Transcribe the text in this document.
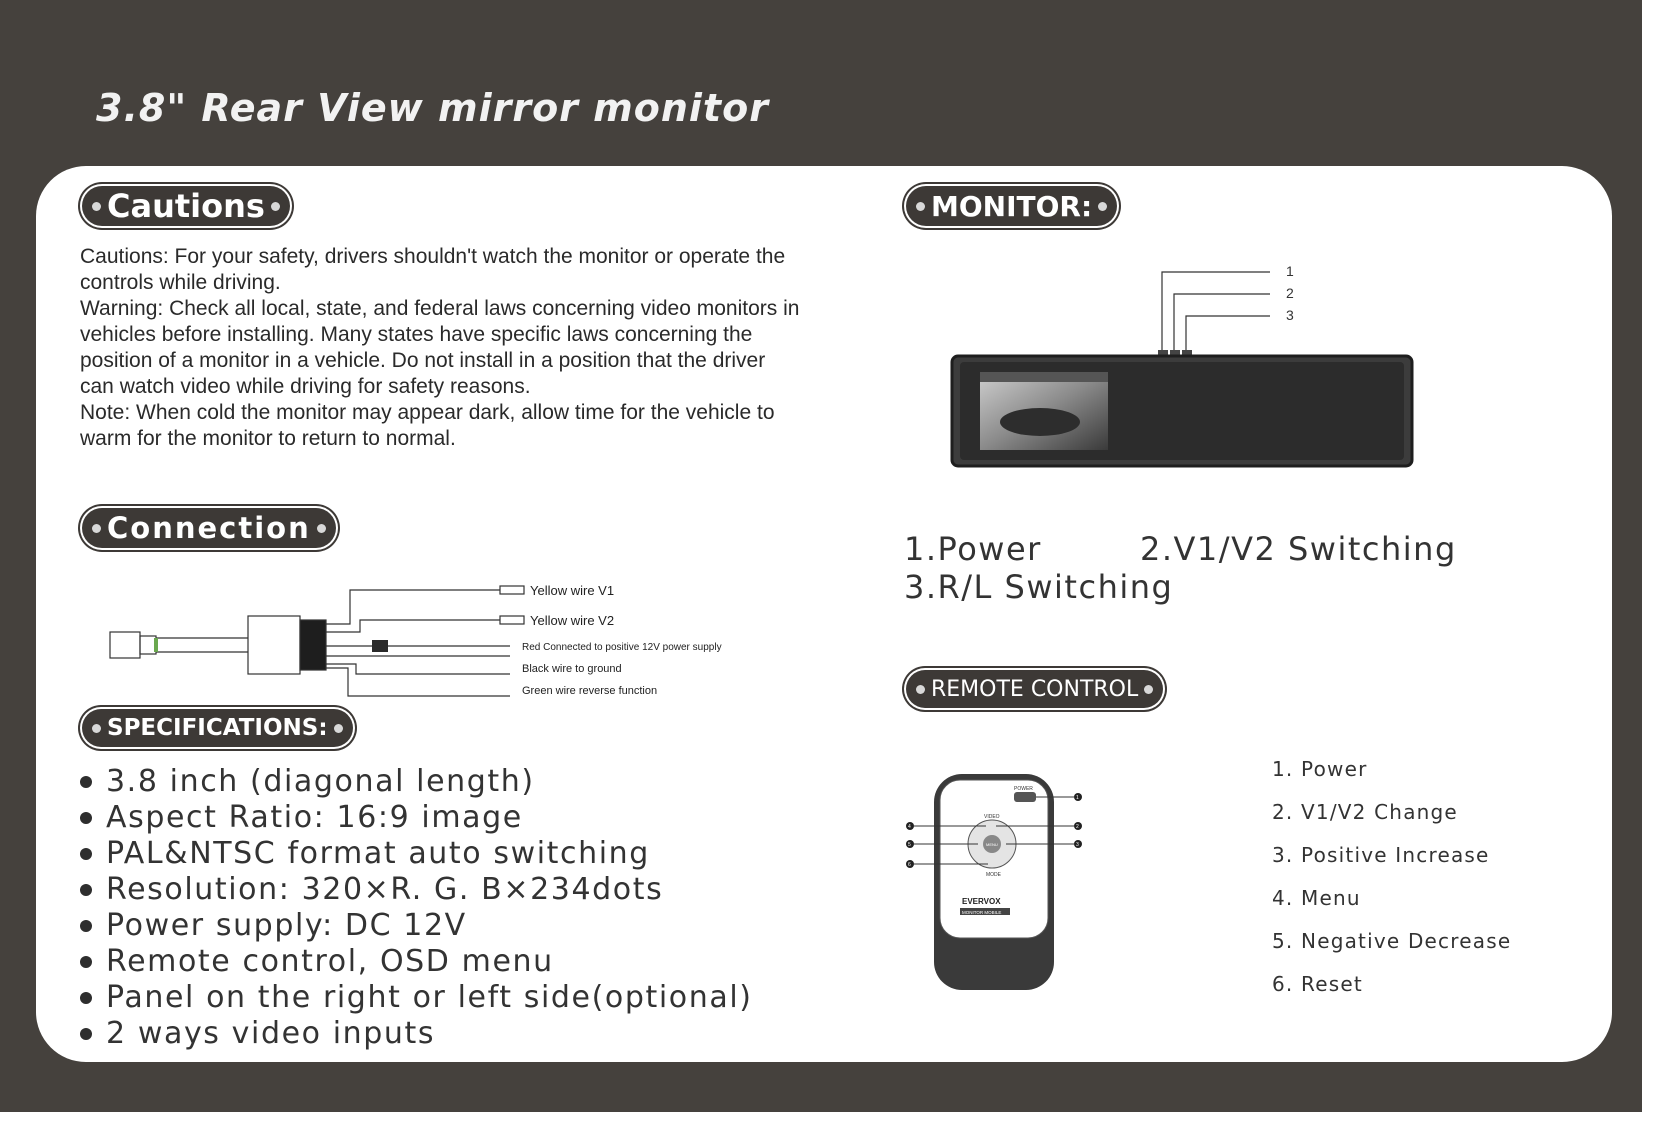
3.8" Rear View mirror monitor
Cautions

Cautions: For your safety, drivers shouldn't watch the monitor or operate the controls while driving.

Warning: Check all local, state, and federal laws concerning video monitors in vehicles before installing. Many states have specific laws concerning the position of a monitor in a vehicle. Do not install in a position that the driver can watch video while driving for safety reasons.

Note: When cold the monitor may appear dark, allow time for the vehicle to warm for the monitor to return to normal.

Connection
Yellow wire V1
Yellow wire V2
Red Connected to positive 12V power supply
Black wire to ground
Green wire reverse function
SPECIFICATIONS:
3.8 inch (diagonal length)
Aspect Ratio: 16:9 image
PAL&NTSC format auto switching
Resolution: 320×R. G. B×234dots
Power supply: DC 12V
Remote control, OSD menu
Panel on the right or left side(optional)
2 ways video inputs
MONITOR:
1
2
3
1.Power	2.V1/V2 Switching
3.R/L Switching
REMOTE CONTROL
POWER
VIDEO
MODE
MENU
EVERVOX
MONITOR MOBILE
1
2
3
4
5
6
1. Power
2. V1/V2 Change
3. Positive Increase
4. Menu
5. Negative Decrease
6. Reset
